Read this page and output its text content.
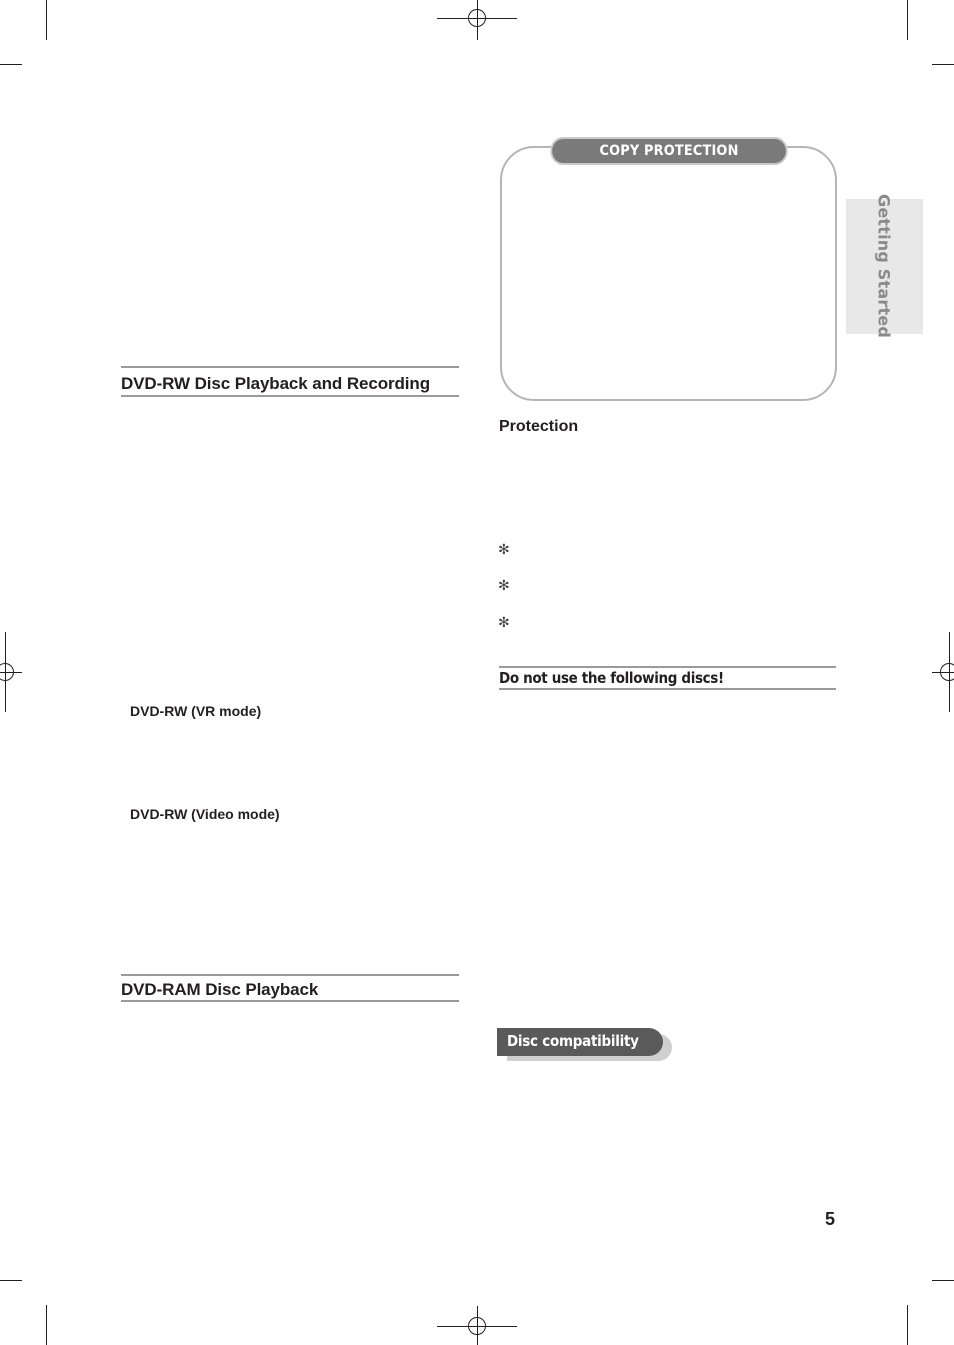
Getting Started
DVD-RW Disc Playback and Recording
DVD-RW (VR mode)
DVD-RW (Video mode)
DVD-RAM Disc Playback
COPY PROTECTION
Protection
✻
✻
✻
Do not use the following discs!
Disc compatibility
5
